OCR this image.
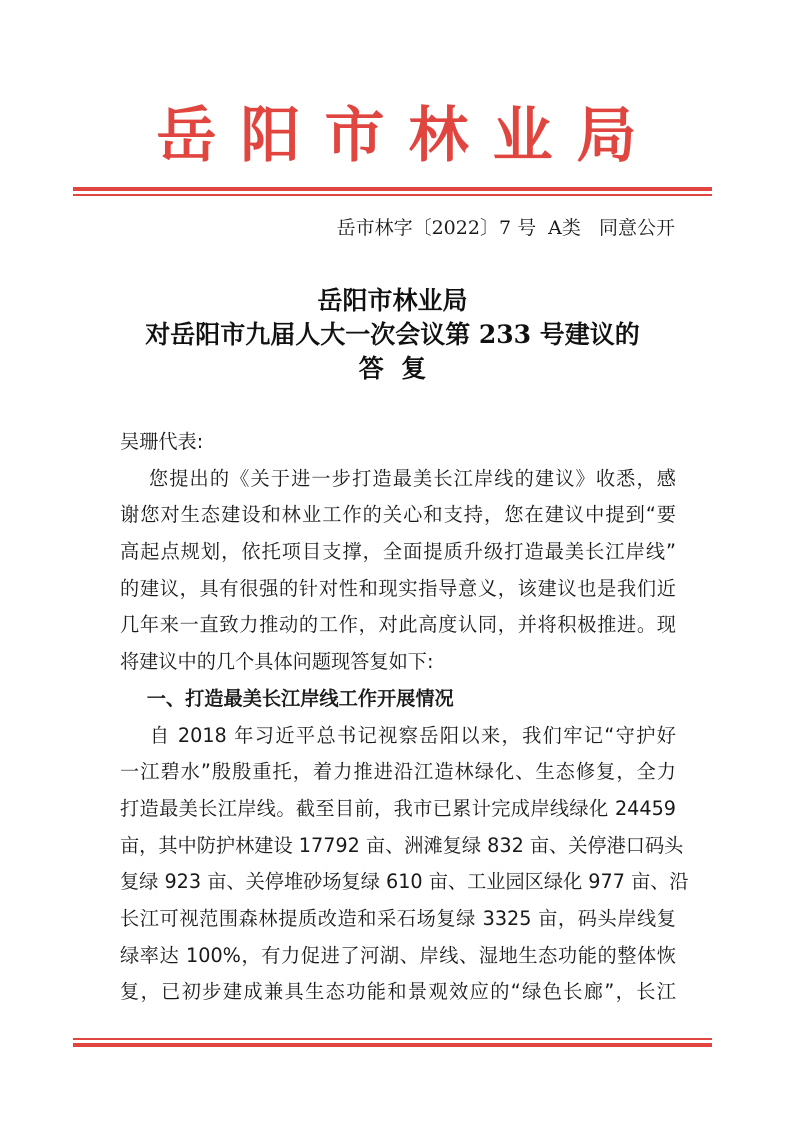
岳阳市林业局
岳市林字〔2022〕7 号  A类   同意公开
岳阳市林业局
对岳阳市九届人大一次会议第 233 号建议的
答  复
吴珊代表:
您提出的《关于进一步打造最美长江岸线的建议》收悉，感
谢您对生态建设和林业工作的关心和支持，您在建议中提到“要
高起点规划，依托项目支撑，全面提质升级打造最美长江岸线”
的建议，具有很强的针对性和现实指导意义，该建议也是我们近
几年来一直致力推动的工作，对此高度认同，并将积极推进。现
将建议中的几个具体问题现答复如下:
一、打造最美长江岸线工作开展情况
自 2018 年习近平总书记视察岳阳以来，我们牢记“守护好
一江碧水”殷殷重托，着力推进沿江造林绿化、生态修复，全力
打造最美长江岸线。截至目前，我市已累计完成岸线绿化 24459
亩，其中防护林建设 17792 亩、洲滩复绿 832 亩、关停港口码头
复绿 923 亩、关停堆砂场复绿 610 亩、工业园区绿化 977 亩、沿
长江可视范围森林提质改造和采石场复绿 3325 亩，码头岸线复
绿率达 100%，有力促进了河湖、岸线、湿地生态功能的整体恢
复，已初步建成兼具生态功能和景观效应的“绿色长廊”，长江
